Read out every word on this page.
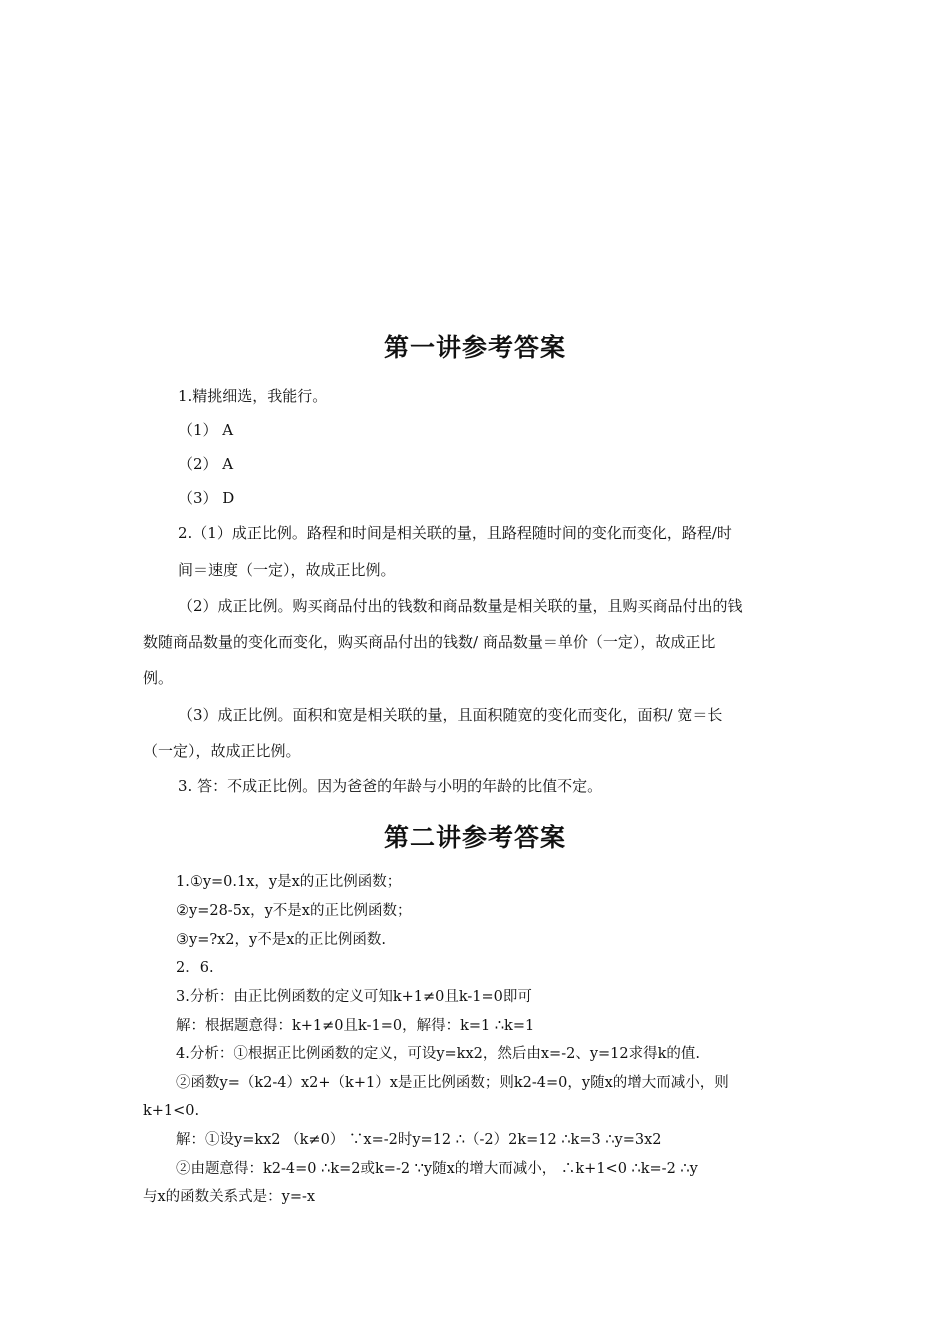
第一讲参考答案
1.精挑细选，我能行。
（1） A
（2） A
（3） D
2.（1）成正比例。路程和时间是相关联的量，且路程随时间的变化而变化，路程/时
间＝速度（一定），故成正比例。
（2）成正比例。购买商品付出的钱数和商品数量是相关联的量，且购买商品付出的钱
数随商品数量的变化而变化，购买商品付出的钱数/ 商品数量＝单价（一定），故成正比
例。
（3）成正比例。面积和宽是相关联的量，且面积随宽的变化而变化，面积/ 宽＝长
（一定），故成正比例。
3. 答：不成正比例。因为爸爸的年龄与小明的年龄的比值不定。
第二讲参考答案
1.①y=0.1x，y是x的正比例函数；
②y=28-5x，y不是x的正比例函数；
③y=?x2，y不是x的正比例函数.
2．6.
3.分析：由正比例函数的定义可知k+1≠0且k-1=0即可
解：根据题意得：k+1≠0且k-1=0，解得：k=1 ∴k=1
4.分析：①根据正比例函数的定义，可设y=kx2，然后由x=-2、y=12求得k的值.
②函数y=（k2-4）x2+（k+1）x是正比例函数；则k2-4=0，y随x的增大而减小，则
k+1<0.
解：①设y=kx2 （k≠0） ∵x=-2时y=12 ∴（-2）2k=12 ∴k=3 ∴y=3x2
②由题意得：k2-4=0 ∴k=2或k=-2 ∵y随x的增大而减小， ∴k+1<0 ∴k=-2 ∴y
与x的函数关系式是：y=-x
